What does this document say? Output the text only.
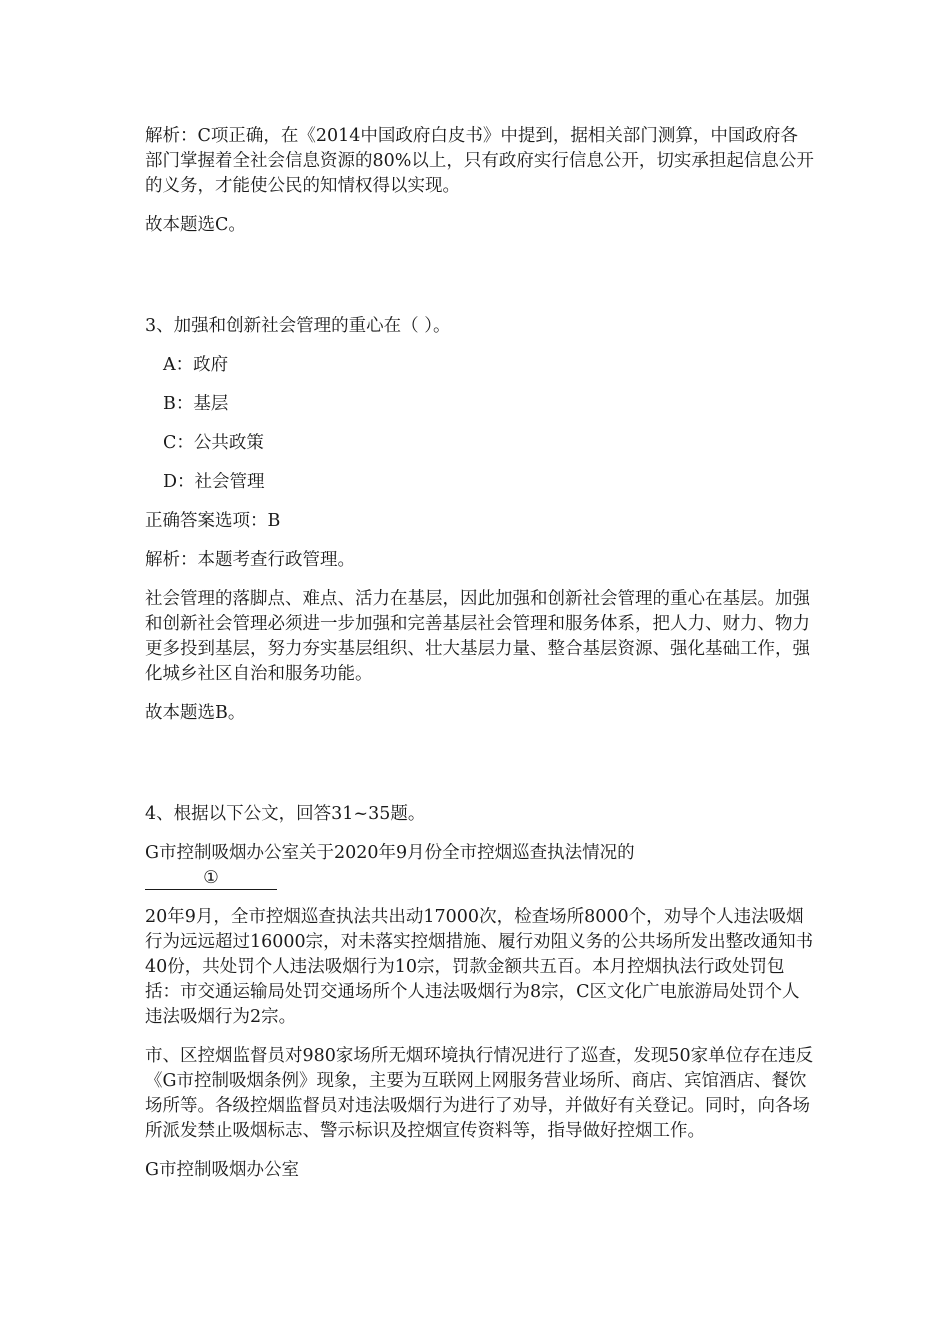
解析：C项正确，在《2014中国政府白皮书》中提到，据相关部门测算，中国政府各部门掌握着全社会信息资源的80%以上，只有政府实行信息公开，切实承担起信息公开的义务，才能使公民的知情权得以实现。

故本题选C。

3、加强和创新社会管理的重心在（ ）。

A：政府

B：基层

C：公共政策

D：社会管理

正确答案选项：B

解析：本题考查行政管理。

社会管理的落脚点、难点、活力在基层，因此加强和创新社会管理的重心在基层。加强和创新社会管理必须进一步加强和完善基层社会管理和服务体系，把人力、财力、物力更多投到基层，努力夯实基层组织、壮大基层力量、整合基层资源、强化基础工作，强化城乡社区自治和服务功能。

故本题选B。

4、根据以下公文，回答31~35题。

G市控制吸烟办公室关于2020年9月份全市控烟巡查执法情况的

①

20年9月，全市控烟巡查执法共出动17000次，检查场所8000个，劝导个人违法吸烟行为远远超过16000宗，对未落实控烟措施、履行劝阻义务的公共场所发出整改通知书40份，共处罚个人违法吸烟行为10宗，罚款金额共五百。本月控烟执法行政处罚包括：市交通运输局处罚交通场所个人违法吸烟行为8宗，C区文化广电旅游局处罚个人违法吸烟行为2宗。

市、区控烟监督员对980家场所无烟环境执行情况进行了巡查，发现50家单位存在违反《G市控制吸烟条例》现象，主要为互联网上网服务营业场所、商店、宾馆酒店、餐饮场所等。各级控烟监督员对违法吸烟行为进行了劝导，并做好有关登记。同时，向各场所派发禁止吸烟标志、警示标识及控烟宣传资料等，指导做好控烟工作。

G市控制吸烟办公室
